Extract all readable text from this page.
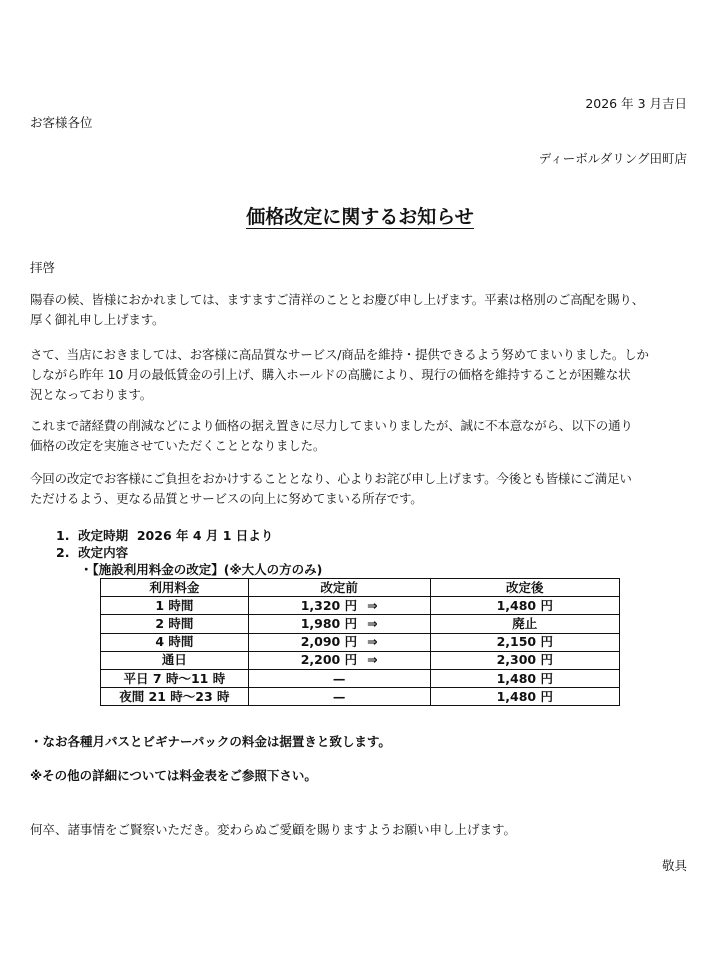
2026 年 3 月吉日
お客様各位
ディーボルダリング田町店
価格改定に関するお知らせ
拝啓

陽春の候、皆様におかれましては、ますますご清祥のこととお慶び申し上げます。平素は格別のご高配を賜り、
厚く御礼申し上げます。

さて、当店におきましては、お客様に高品質なサービス/商品を維持・提供できるよう努めてまいりました。しか
しながら昨年 10 月の最低賃金の引上げ、購入ホールドの高騰により、現行の価格を維持することが困難な状
況となっております。

これまで諸経費の削減などにより価格の据え置きに尽力してまいりましたが、誠に不本意ながら、以下の通り
価格の改定を実施させていただくこととなりました。

今回の改定でお客様にご負担をおかけすることとなり、心よりお詫び申し上げます。今後とも皆様にご満足い
ただけるよう、更なる品質とサービスの向上に努めてまいる所存です。

1.  改定時期  2026 年 4 月 1 日より
2.  改定内容
・【施設利用料金の改定】(※大人の方のみ)
利用料金	改定前	改定後
1 時間	1,320 円 ⇒	1,480 円
2 時間	1,980 円 ⇒	廃止
4 時間	2,090 円 ⇒	2,150 円
通日	2,200 円 ⇒	2,300 円
平日 7 時〜11 時	—	1,480 円
夜間 21 時〜23 時	—	1,480 円
・なお各種月パスとビギナーパックの料金は据置きと致します。
※その他の詳細については料金表をご参照下さい。
何卒、諸事情をご賢察いただき。変わらぬご愛顧を賜りますようお願い申し上げます。
敬具
